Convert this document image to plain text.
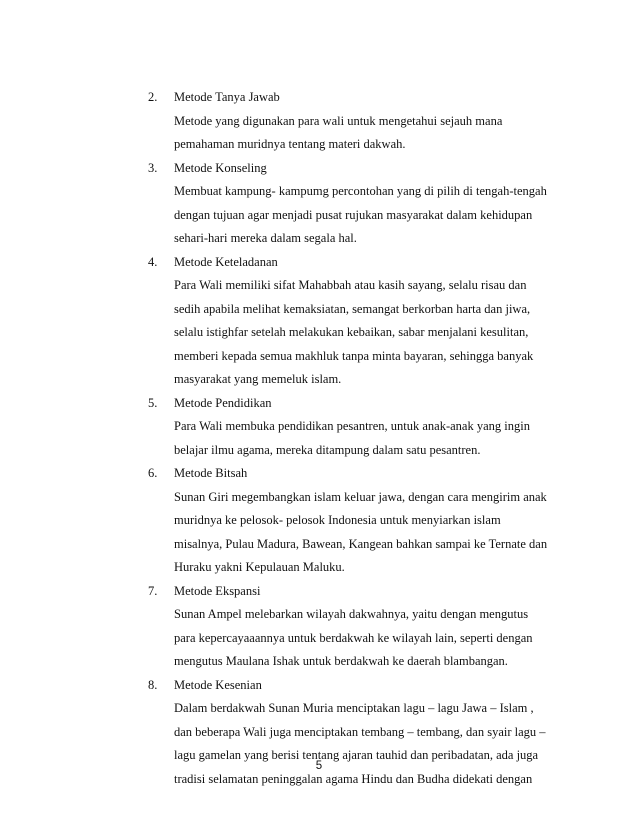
2.	Metode Tanya Jawab
Metode yang digunakan para wali untuk mengetahui sejauh mana
pemahaman muridnya tentang materi dakwah.
3.	Metode Konseling
Membuat kampung- kampumg percontohan yang di pilih di tengah-tengah
dengan tujuan agar menjadi pusat rujukan masyarakat dalam kehidupan
sehari-hari mereka dalam segala hal.
4.	Metode Keteladanan
Para Wali memiliki sifat Mahabbah atau kasih sayang, selalu risau dan
sedih apabila melihat kemaksiatan, semangat berkorban harta dan jiwa,
selalu istighfar setelah melakukan kebaikan, sabar menjalani kesulitan,
memberi kepada semua makhluk tanpa minta bayaran, sehingga banyak
masyarakat yang memeluk islam.
5.	Metode Pendidikan
Para Wali membuka pendidikan pesantren, untuk anak-anak yang ingin
belajar ilmu agama, mereka ditampung dalam satu pesantren.
6.	Metode Bitsah
Sunan Giri megembangkan islam keluar jawa, dengan cara mengirim anak
muridnya ke pelosok- pelosok Indonesia untuk menyiarkan islam
misalnya, Pulau Madura, Bawean, Kangean bahkan sampai ke Ternate dan
Huraku yakni Kepulauan Maluku.
7.	Metode Ekspansi
Sunan Ampel melebarkan wilayah dakwahnya, yaitu dengan mengutus
para kepercayaaannya untuk berdakwah ke wilayah lain, seperti dengan
mengutus Maulana Ishak untuk berdakwah ke daerah blambangan.
8.	Metode Kesenian
Dalam berdakwah Sunan Muria menciptakan lagu – lagu Jawa – Islam ,
dan beberapa Wali juga menciptakan tembang – tembang, dan syair lagu –
lagu gamelan yang berisi tentang ajaran tauhid dan peribadatan, ada juga
tradisi selamatan peninggalan agama Hindu dan Budha didekati dengan
5
